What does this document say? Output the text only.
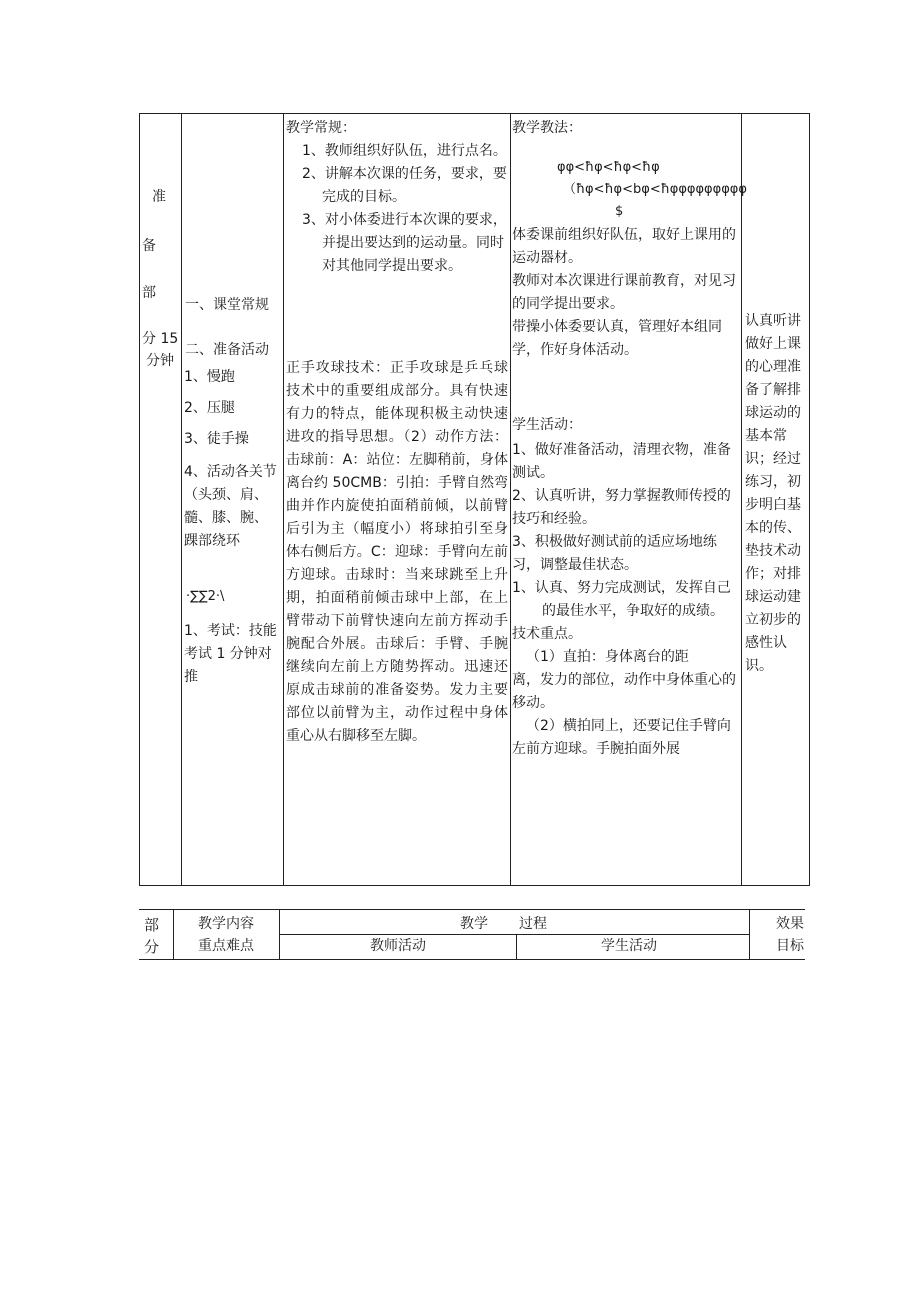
准
备
部
分 15
分钟
一、课堂常规
二、准备活动
1、慢跑
2、压腿
3、徒手操
4、活动各关节（头颈、肩、髓、膝、腕、踝部绕环
·∑∑2·\
1、考试：技能考试 1 分钟对推
教学常规：

1、教师组织好队伍，进行点名。

2、讲解本次课的任务，要求，要完成的目标。

3、对小体委进行本次课的要求，并提出要达到的运动量。同时对其他同学提出要求。

正手攻球技术：正手攻球是乒乓球技术中的重要组成部分。具有快速有力的特点，能体现积极主动快速进攻的指导思想。（2）动作方法：击球前：A：站位：左脚稍前，身体离台约 50CMB：引拍：手臂自然弯曲并作内旋使拍面稍前倾，以前臂后引为主（幅度小）将球拍引至身体右侧后方。C：迎球：手臂向左前方迎球。击球时：当来球跳至上升期，拍面稍前倾击球中上部，在上臂带动下前臂快速向左前方挥动手腕配合外展。击球后：手臂、手腕继续向左前上方随势挥动。迅速还原成击球前的准备姿势。发力主要部位以前臂为主，动作过程中身体重心从右脚移至左脚。
教学教法：
φφ<ħφ<ħφ<ħφ
（ħφ<ħφ<bφ<ħφφφφφφφφφ
$

体委课前组织好队伍，取好上课用的运动器材。

教师对本次课进行课前教育，对见习的同学提出要求。

带操小体委要认真，管理好本组同学，作好身体活动。

学生活动：

1、做好准备活动，清理衣物，准备测试。

2、认真听讲，努力掌握教师传授的技巧和经验。

3、积极做好测试前的适应场地练习，调整最佳状态。

1、认真、努力完成测试，发挥自己的最佳水平，争取好的成绩。

技术重点。

（1）直拍：身体离台的距

离，发力的部位，动作中身体重心的移动。

（2）横拍同上，还要记住手臂向左前方迎球。手腕拍面外展

认真听讲做好上课的心理准备了解排球运动的基本常识；经过练习，初步明白基本的传、垫技术动作；对排球运动建立初步的感性认识。
部分
教学内容
重点难点
教学 过程
教师活动	学生活动
效果
目标
